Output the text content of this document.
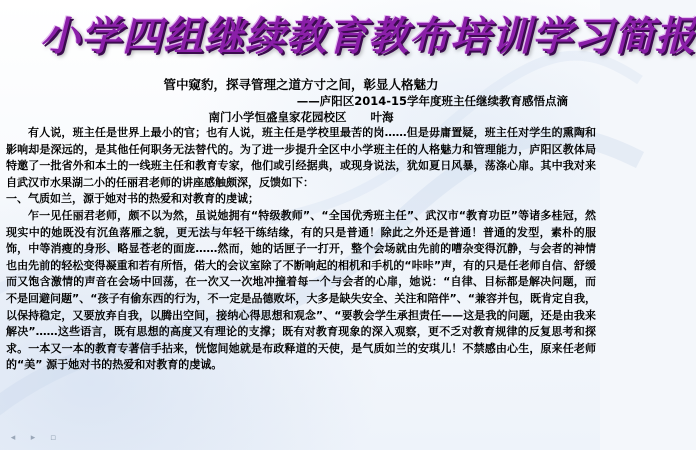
小学四组继续教育教布培训学习简报
管中窥豹，探寻管理之道方寸之间，彰显人格魅力
——庐阳区2014-15学年度班主任继续教育感悟点滴
南门小学恒盛皇家花园校区      叶海

有人说，班主任是世界上最小的官；也有人说，班主任是学校里最苦的岗……但是毋庸置疑，班主任对学生的熏陶和影响却是深远的，是其他任何职务无法替代的。为了进一步提升全区中小学班主任的人格魅力和管理能力，庐阳区教体局特邀了一批省外和本土的一线班主任和教育专家，他们或引经据典，或现身说法，犹如夏日风暴，荡涤心扉。其中我对来自武汉市水果湖二小的任丽君老师的讲座感触颇深，反馈如下：

一、气质如兰，源于她对书的热爱和对教育的虔诚；

乍一见任丽君老师，颇不以为然，虽说她拥有“特级教师”、“全国优秀班主任”、武汉市“教育功臣”等诸多桂冠，然现实中的她既没有沉鱼落雁之貌，更无法与年轻干练结缘，有的只是普通！除此之外还是普通！普通的发型，素朴的服饰，中等消瘦的身形、略显苍老的面庞……然而，她的话匣子一打开，整个会场就由先前的嘈杂变得沉静，与会者的神情也由先前的轻松变得凝重和若有所悟，偌大的会议室除了不断响起的相机和手机的“咔咔”声，有的只是任老师自信、舒缓而又饱含激情的声音在会场中回荡，在一次又一次地冲撞着每一个与会者的心扉，她说：“自律、目标都是解决问题，而不是回避问题”、“孩子有偷东西的行为，不一定是品德败坏，大多是缺失安全、关注和陪伴”、“兼容并包，既肯定自我，以保持稳定，又要放弃自我，以腾出空间，接纳心得思想和观念”、“要教会学生承担责任——这是我的问题，还是由我来解决”……这些语言，既有思想的高度又有理论的支撑；既有对教育现象的深入观察，更不乏对教育规律的反复思考和探求。一本又一本的教育专著信手拈来，恍惚间她就是布政释道的天使，是气质如兰的安琪儿！不禁感由心生，原来任老师的“美” 源于她对书的热爱和对教育的虔诚。

◂	▸	▫
